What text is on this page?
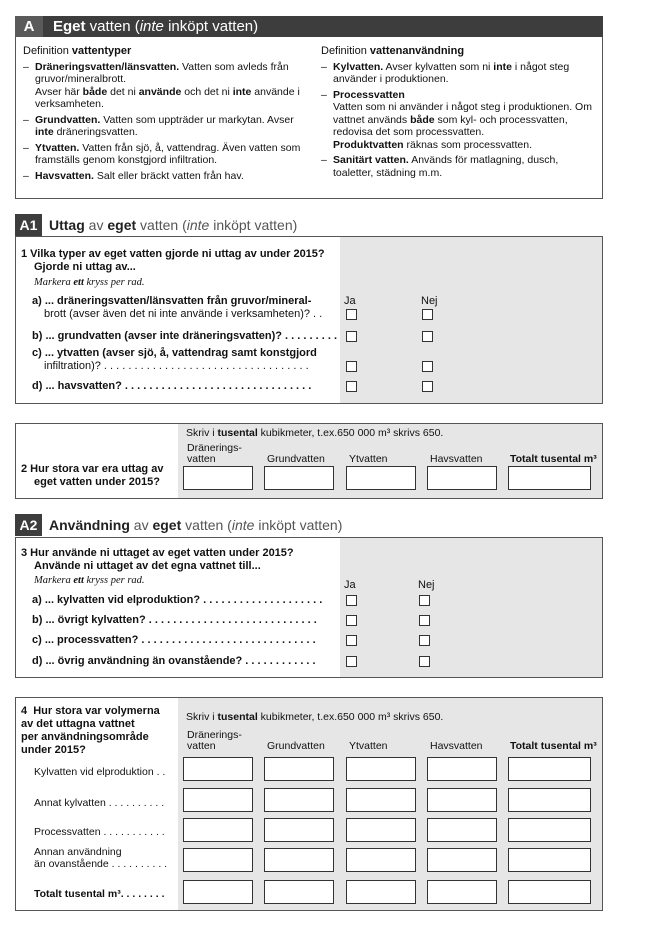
A	Eget vatten (inte inköpt vatten)
Definition vattentyper
– Dräneringsvatten/länsvatten. Vatten som avleds från gruvor/mineralbrott.
Avser här både det ni använde och det ni inte använde i verksamheten.
– Grundvatten. Vatten som uppträder ur markytan. Avser inte dräneringsvatten.
– Ytvatten. Vatten från sjö, å, vattendrag. Även vatten som framställs genom konstgjord infiltration.
– Havsvatten. Salt eller bräckt vatten från hav.
Definition vattenanvändning
– Kylvatten. Avser kylvatten som ni inte i något steg använder i produktionen.
– Processvatten
Vatten som ni använder i något steg i produktionen. Om vattnet används både som kyl- och processvatten, redovisa det som processvatten.
Produktvatten räknas som processvatten.
– Sanitärt vatten. Används för matlagning, dusch, toaletter, städning m.m.
A1 Uttag av eget vatten (inte inköpt vatten)
1 Vilka typer av eget vatten gjorde ni uttag av under 2015?
Gjorde ni uttag av...
Markera ett kryss per rad.
Ja	Nej
a) ... dräneringsvatten/länsvatten från gruvor/mineral-
brott (avser även det ni inte använde i verksamheten)? . .
b) ... grundvatten (avser inte dräneringsvatten)? . . . . . . . . .
c) ... ytvatten (avser sjö, å, vattendrag samt konstgjord
infiltration)? . . . . . . . . . . . . . . . . . . . . . . . . . . . . . . . . . .
d) ... havsvatten? . . . . . . . . . . . . . . . . . . . . . . . . . . . . . . .
Skriv i tusental kubikmeter, t.ex.650 000 m³ skrivs 650.
2 Hur stora var era uttag av
eget vatten under 2015?
Dränerings-
vatten	Grundvatten Ytvatten	Havsvatten	Totalt tusental m³
A2 Användning av eget vatten (inte inköpt vatten)
3 Hur använde ni uttaget av eget vatten under 2015?
Använde ni uttaget av det egna vattnet till...
Markera ett kryss per rad.	Ja	Nej
a) ... kylvatten vid elproduktion? . . . . . . . . . . . . . . . . . . . .
b) ... övrigt kylvatten? . . . . . . . . . . . . . . . . . . . . . . . . . . . .
c) ... processvatten? . . . . . . . . . . . . . . . . . . . . . . . . . . . . .
d) ... övrig användning än ovanstående? . . . . . . . . . . . .
4  Hur stora var volymerna
av det uttagna vattnet
per användningsområde
under 2015?
Skriv i tusental kubikmeter, t.ex.650 000 m³ skrivs 650.
Dränerings-
vatten	Grundvatten Ytvatten	Havsvatten	Totalt tusental m³
Kylvatten vid elproduktion . .
Annat kylvatten . . . . . . . . . .
Processvatten . . . . . . . . . . .
Annan användning
än ovanstående . . . . . . . . . .
Totalt tusental m³. . . . . . . .
